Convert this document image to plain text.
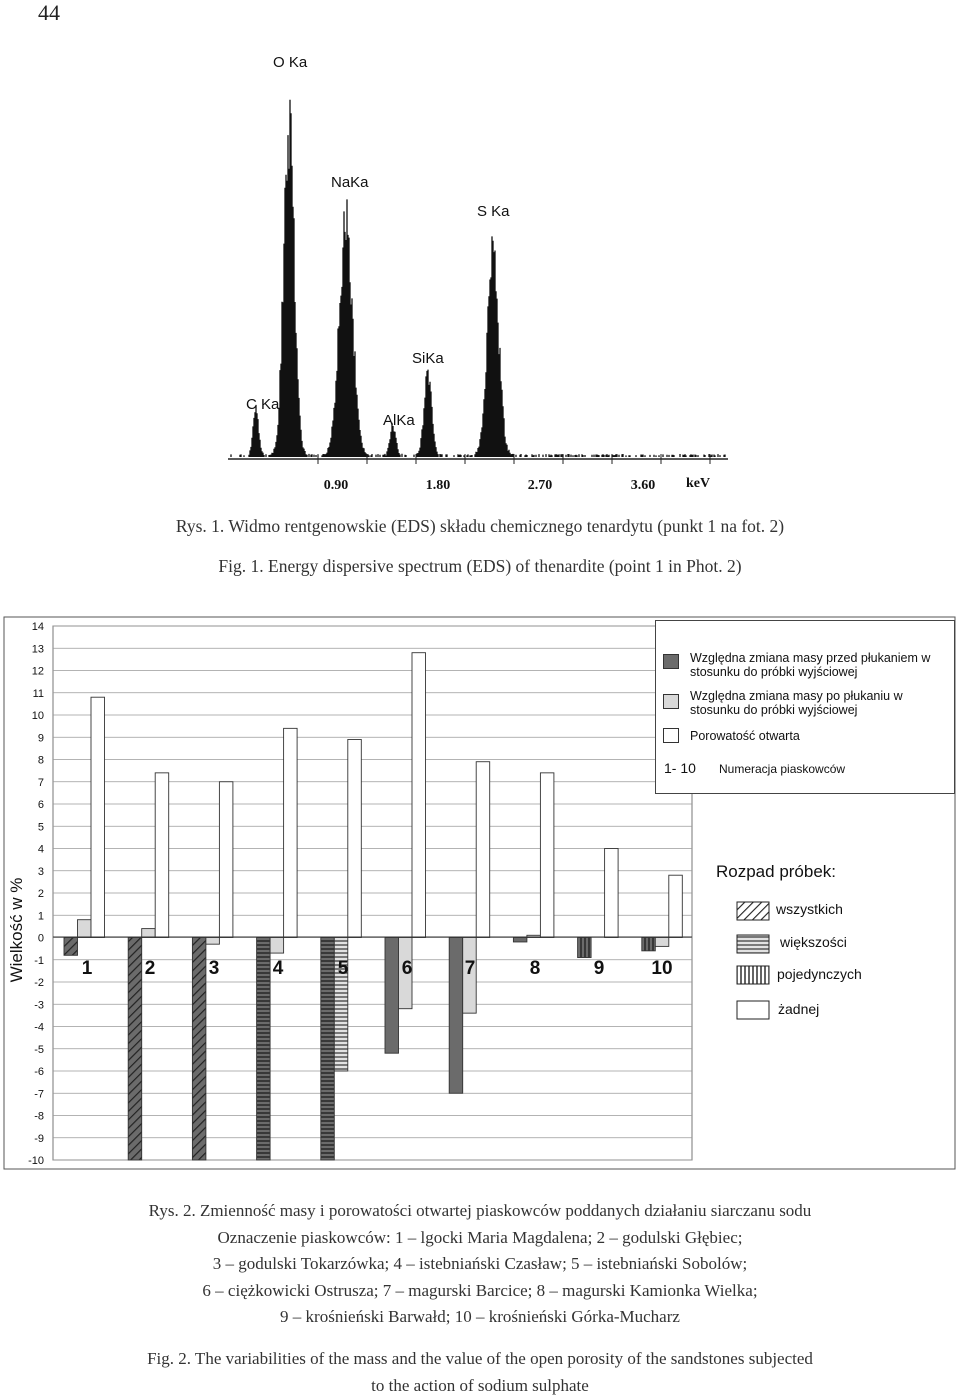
44
O Ka
NaKa
S Ka
SiKa
C Ka
AlKa
0.90	1.80	2.70	3.60 keV
Rys. 1. Widmo rentgenowskie (EDS) składu chemicznego tenardytu (punkt 1 na fot. 2)
Fig. 1. Energy dispersive spectrum (EDS) of thenardite (point 1 in Phot. 2)
14
13
12
11
10
9
8
7
6
5
4
3
2
1
0
-1
-2
-3
-4
-5
-6
-7
-8
-9
-10
Wielkość w %	1	2	3	4	5	6	7	8	9 10
Względna zmiana masy przed płukaniem w stosunku do próbki wyjściowej
Względna zmiana masy po płukaniu w stosunku do próbki wyjściowej
Porowatość otwarta
1- 10 Numeracja piaskowców
Rozpad próbek:
wszystkich
większości
pojedynczych
żadnej
Rys. 2. Zmienność masy i porowatości otwartej piaskowców poddanych działaniu siarczanu sodu
Oznaczenie piaskowców: 1 – lgocki Maria Magdalena; 2 – godulski Głębiec;
3 – godulski Tokarzówka; 4 – istebniański Czasław; 5 – istebniański Sobolów;
6 – ciężkowicki Ostrusza; 7 – magurski Barcice; 8 – magurski Kamionka Wielka;
9 – krośnieński Barwałd; 10 – krośnieński Górka-Mucharz
Fig. 2. The variabilities of the mass and the value of the open porosity of the sandstones subjected
to the action of sodium sulphate
